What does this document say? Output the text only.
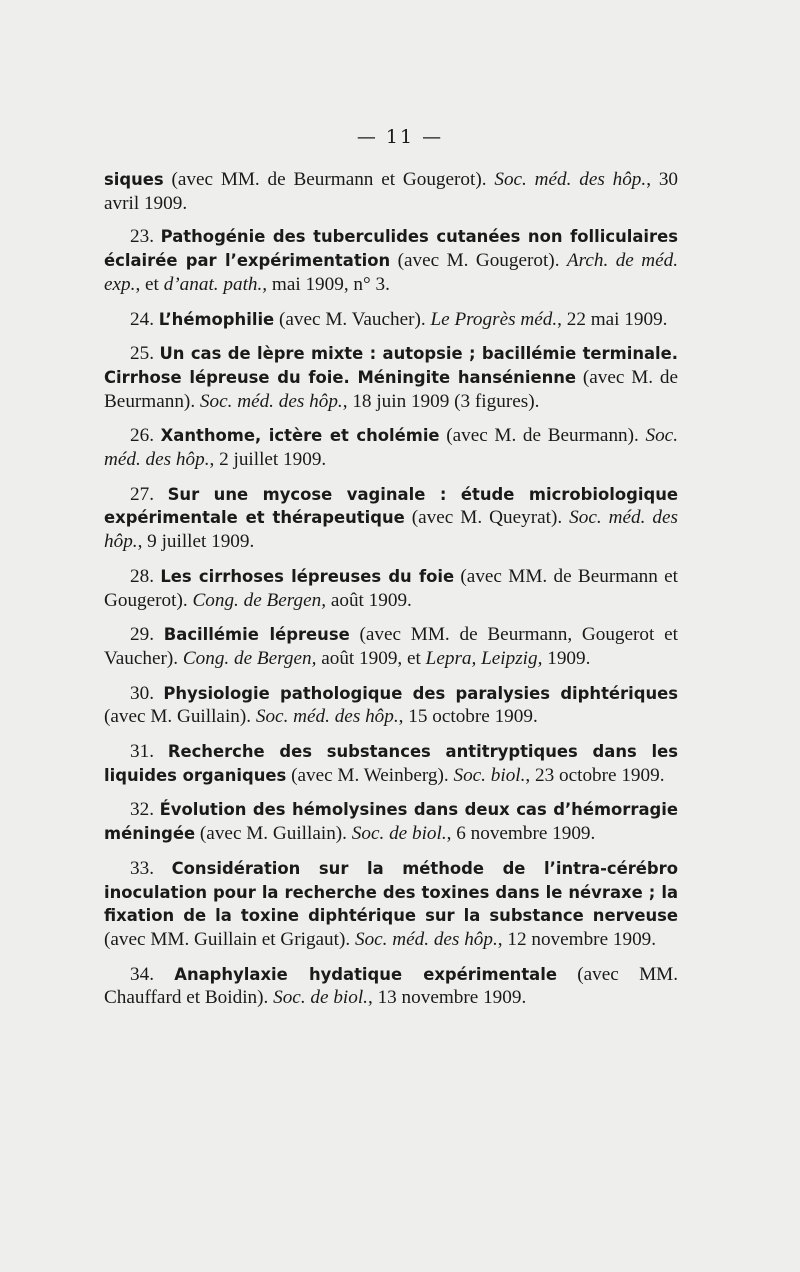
— 11 —

siques (avec MM. de Beurmann et Gougerot). Soc. méd. des hôp., 30 avril 1909.

23. Pathogénie des tuberculides cutanées non folliculaires éclairée par l’expérimentation (avec M. Gougerot). Arch. de méd. exp., et d’anat. path., mai 1909, n° 3.

24. L’hémophilie (avec M. Vaucher). Le Progrès méd., 22 mai 1909.

25. Un cas de lèpre mixte : autopsie ; bacillémie terminale. Cirrhose lépreuse du foie. Méningite hansénienne (avec M. de Beurmann). Soc. méd. des hôp., 18 juin 1909 (3 figures).

26. Xanthome, ictère et cholémie (avec M. de Beurmann). Soc. méd. des hôp., 2 juillet 1909.

27. Sur une mycose vaginale : étude microbiologique expérimentale et thérapeutique (avec M. Queyrat). Soc. méd. des hôp., 9 juillet 1909.

28. Les cirrhoses lépreuses du foie (avec MM. de Beurmann et Gougerot). Cong. de Bergen, août 1909.

29. Bacillémie lépreuse (avec MM. de Beurmann, Gougerot et Vaucher). Cong. de Bergen, août 1909, et Lepra, Leipzig, 1909.

30. Physiologie pathologique des paralysies diphtériques (avec M. Guillain). Soc. méd. des hôp., 15 octobre 1909.

31. Recherche des substances antitryptiques dans les liquides organiques (avec M. Weinberg). Soc. biol., 23 octobre 1909.

32. Évolution des hémolysines dans deux cas d’hémorragie méningée (avec M. Guillain). Soc. de biol., 6 novembre 1909.

33. Considération sur la méthode de l’intra-cérébro inoculation pour la recherche des toxines dans le névraxe ; la fixation de la toxine diphtérique sur la substance nerveuse (avec MM. Guillain et Grigaut). Soc. méd. des hôp., 12 novembre 1909.

34. Anaphylaxie hydatique expérimentale (avec MM. Chauffard et Boidin). Soc. de biol., 13 novembre 1909.
